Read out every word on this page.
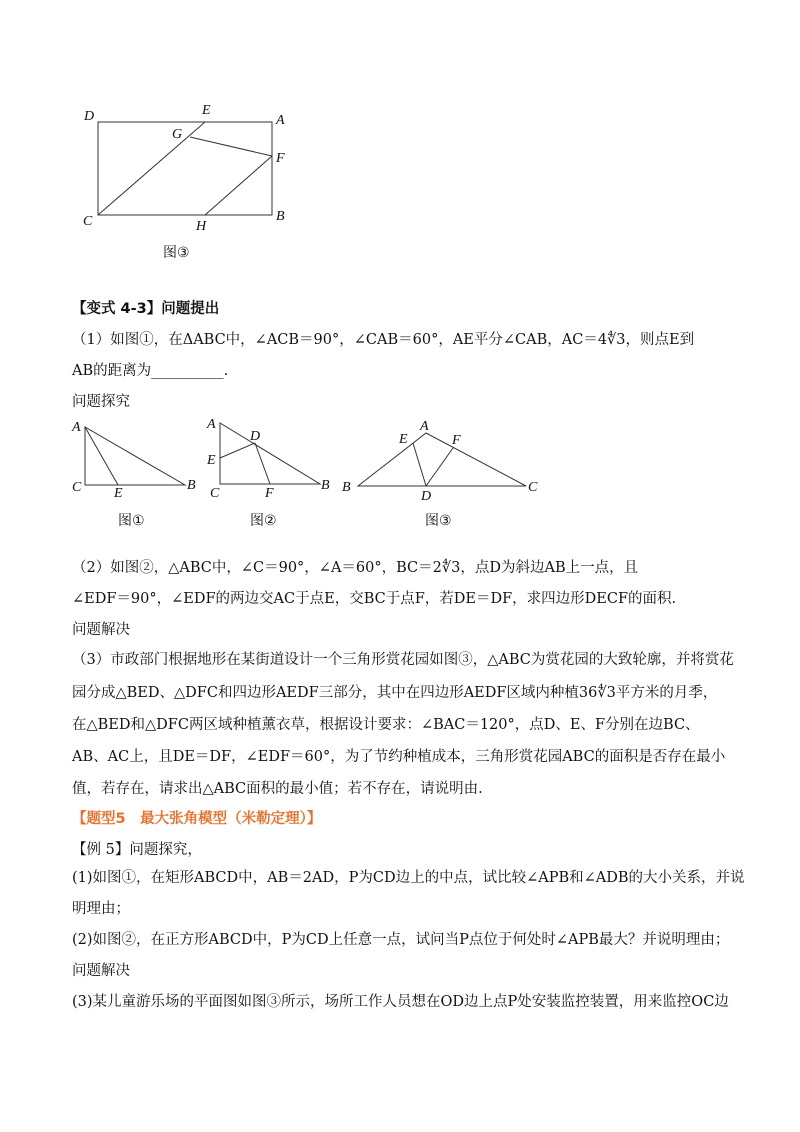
D	E
A
G
F
C	H
B
图③
【变式 4-3】问题提出
（1）如图①，在ΔABC中，∠ACB＝90°，∠CAB＝60°，AE平分∠CAB，AC＝4∜3，则点E到
AB的距离为__________.
问题探究
A
C E
B
图①
A
D
E
C	F
B
图②
E
A
F
B
D
C
图③
（2）如图②，△ABC中，∠C＝90°，∠A＝60°，BC＝2∜3，点D为斜边AB上一点，且
∠EDF＝90°，∠EDF的两边交AC于点E，交BC于点F，若DE＝DF，求四边形DECF的面积.
问题解决
（3）市政部门根据地形在某街道设计一个三角形赏花园如图③，△ABC为赏花园的大致轮廓，并将赏花
园分成△BED、△DFC和四边形AEDF三部分，其中在四边形AEDF区域内种植36∜3平方米的月季，
在△BED和△DFC两区域种植薰衣草，根据设计要求：∠BAC＝120°，点D、E、F分别在边BC、
AB、AC上，且DE＝DF，∠EDF＝60°，为了节约种植成本，三角形赏花园ABC的面积是否存在最小
值，若存在，请求出△ABC面积的最小值；若不存在，请说明由.
【题型5　最大张角模型（米勒定理）】
【例 5】问题探究，
(1)如图①，在矩形ABCD中，AB＝2AD，P为CD边上的中点，试比较∠APB和∠ADB的大小关系，并说
明理由；
(2)如图②，在正方形ABCD中，P为CD上任意一点，试问当P点位于何处时∠APB最大？并说明理由；
问题解决
(3)某儿童游乐场的平面图如图③所示，场所工作人员想在OD边上点P处安装监控装置，用来监控OC边
